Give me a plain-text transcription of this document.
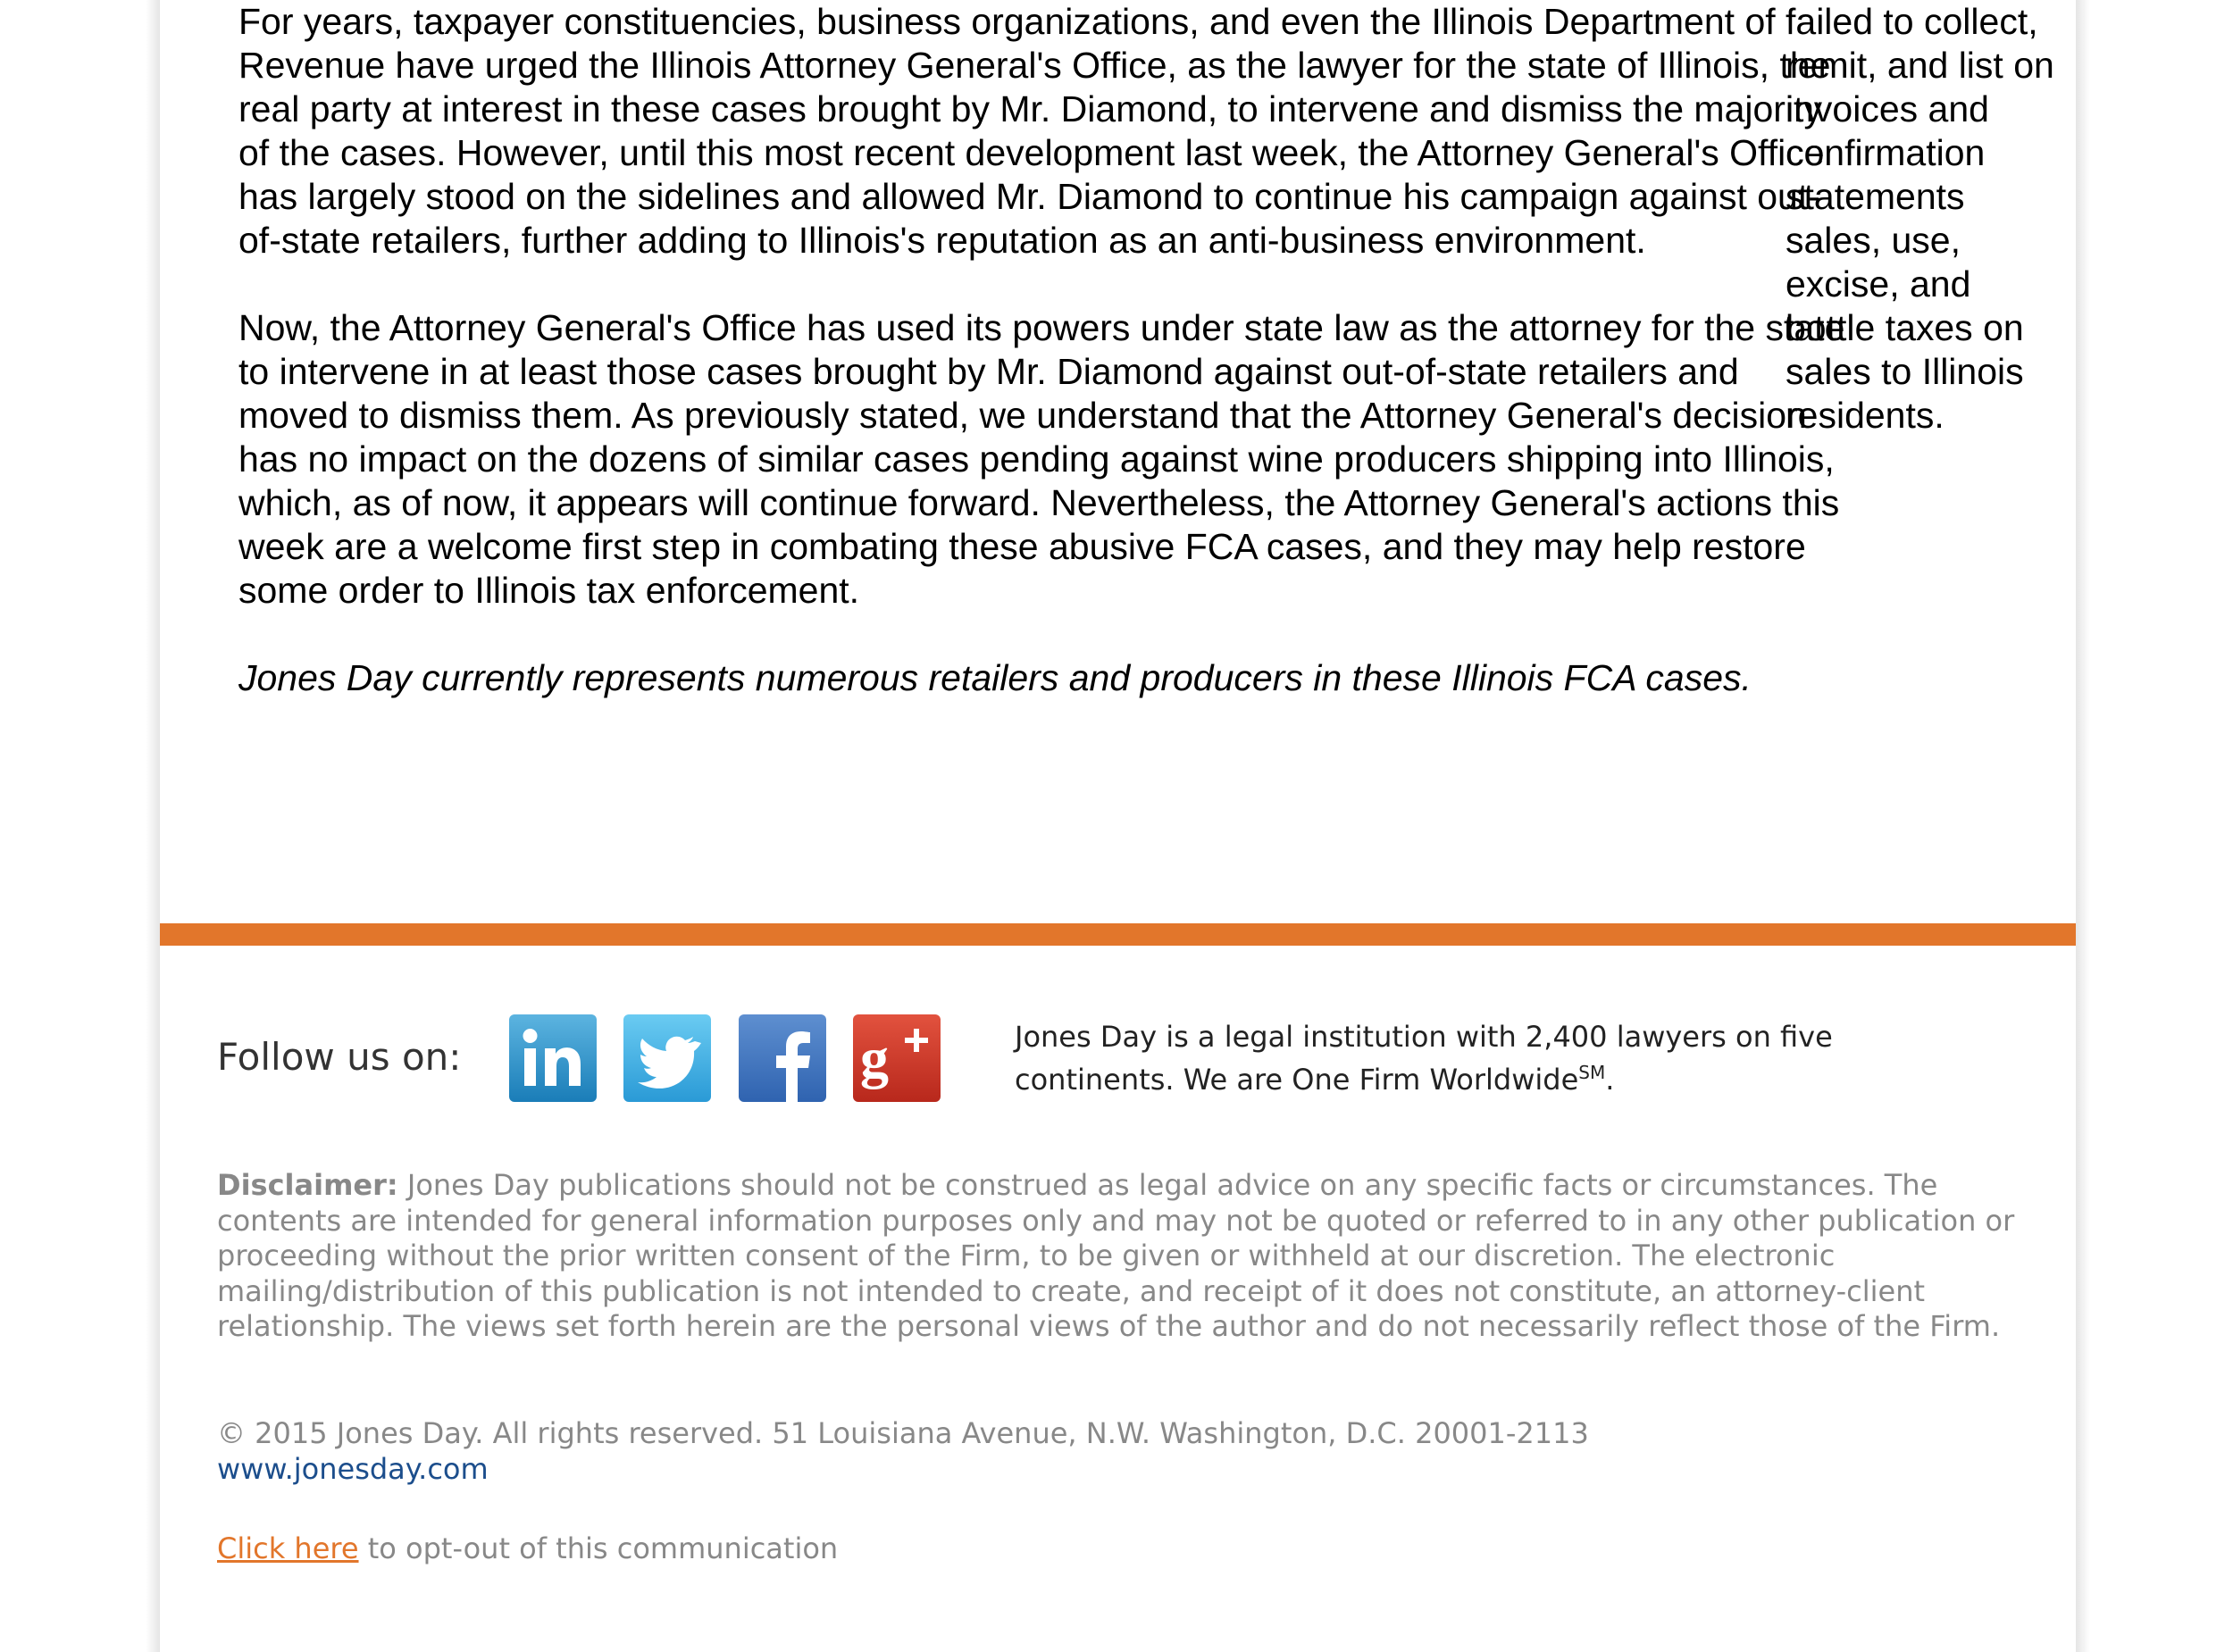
For years, taxpayer constituencies, business organizations, and even the Illinois Department of Revenue have urged the Illinois Attorney General's Office, as the lawyer for the state of Illinois, the real party at interest in these cases brought by Mr. Diamond, to intervene and dismiss the majority of the cases. However, until this most recent development last week, the Attorney General's Office has largely stood on the sidelines and allowed Mr. Diamond to continue his campaign against out-of-state retailers, further adding to Illinois's reputation as an anti-business environment.

Now, the Attorney General's Office has used its powers under state law as the attorney for the state to intervene in at least those cases brought by Mr. Diamond against out-of-state retailers and moved to dismiss them. As previously stated, we understand that the Attorney General's decision has no impact on the dozens of similar cases pending against wine producers shipping into Illinois, which, as of now, it appears will continue forward. Nevertheless, the Attorney General's actions this week are a welcome first step in combating these abusive FCA cases, and they may help restore some order to Illinois tax enforcement.

Jones Day currently represents numerous retailers and producers in these Illinois FCA cases.

failed to collect, remit, and list on invoices and confirmation statements sales, use, excise, and bottle taxes on sales to Illinois residents.
Follow us on:	g	Jones Day is a legal institution with 2,400 lawyers on five continents. We are One Firm Worldwide℠.
Disclaimer: Jones Day publications should not be construed as legal advice on any specific facts or circumstances. The contents are intended for general information purposes only and may not be quoted or referred to in any other publication or proceeding without the prior written consent of the Firm, to be given or withheld at our discretion. The electronic mailing/distribution of this publication is not intended to create, and receipt of it does not constitute, an attorney-client relationship. The views set forth herein are the personal views of the author and do not necessarily reflect those of the Firm.
© 2015 Jones Day. All rights reserved. 51 Louisiana Avenue, N.W. Washington, D.C. 20001-2113
www.jonesday.com
Click here to opt-out of this communication
